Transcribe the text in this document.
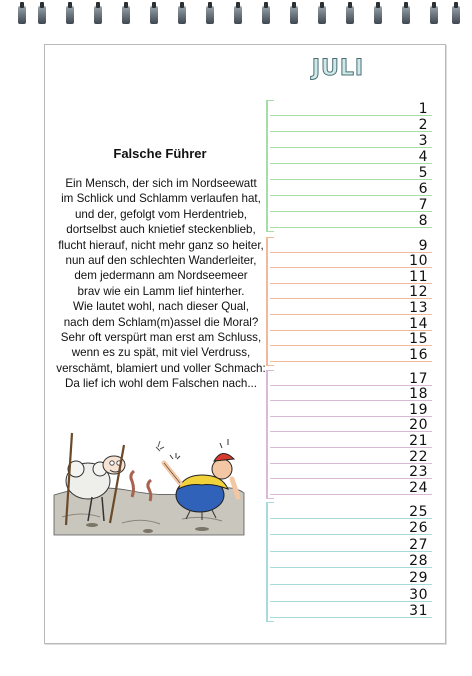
JULI
Falsche Führer
Ein Mensch, der sich im Nordseewatt
im Schlick und Schlamm verlaufen hat,
und der, gefolgt vom Herdentrieb,
dortselbst auch knietief steckenblieb,
flucht hierauf, nicht mehr ganz so heiter,
nun auf den schlechten Wanderleiter,
dem jedermann am Nordseemeer
brav wie ein Lamm lief hinterher.
Wie lautet wohl, nach dieser Qual,
nach dem Schlam(m)assel die Moral?
Sehr oft verspürt man erst am Schluss,
wenn es zu spät, mit viel Verdruss,
verschämt, blamiert und voller Schmach:
Da lief ich wohl dem Falschen nach...
1
2
3
4
5
6
7
8
9
10
11
12
13
14
15
16
17
18
19
20
21
22
23
24
25
26
27
28
29
30
31
